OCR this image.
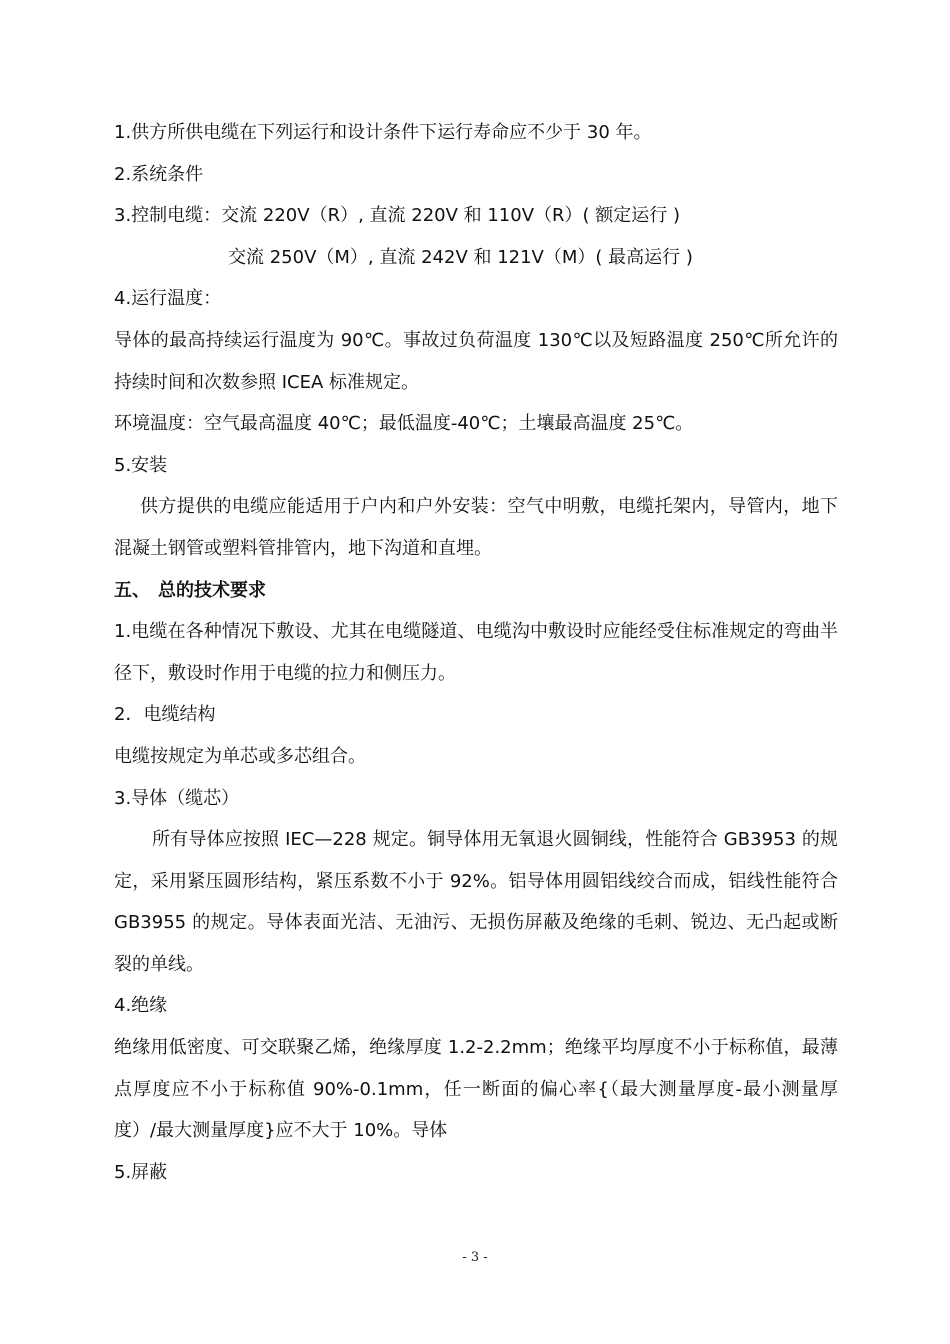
1.供方所供电缆在下列运行和设计条件下运行寿命应不少于 30 年。

2.系统条件

3.控制电缆：交流 220V（R）, 直流 220V 和 110V（R）( 额定运行 )

交流 250V（M）, 直流 242V 和 121V（M）( 最高运行 )

4.运行温度：

导体的最高持续运行温度为 90℃。事故过负荷温度 130℃以及短路温度 250℃所允许的持续时间和次数参照 ICEA 标准规定。

环境温度：空气最高温度 40℃；最低温度-40℃；土壤最高温度 25℃。

5.安装

供方提供的电缆应能适用于户内和户外安装：空气中明敷，电缆托架内，导管内，地下混凝土钢管或塑料管排管内，地下沟道和直埋。

五、 总的技术要求

1.电缆在各种情况下敷设、尤其在电缆隧道、电缆沟中敷设时应能经受住标准规定的弯曲半径下，敷设时作用于电缆的拉力和侧压力。

2．电缆结构

电缆按规定为单芯或多芯组合。

3.导体（缆芯）

所有导体应按照 IEC—228 规定。铜导体用无氧退火圆铜线，性能符合 GB3953 的规定，采用紧压圆形结构，紧压系数不小于 92%。铝导体用圆铝线绞合而成，铝线性能符合 GB3955 的规定。导体表面光洁、无油污、无损伤屏蔽及绝缘的毛刺、锐边、无凸起或断裂的单线。

4.绝缘

绝缘用低密度、可交联聚乙烯，绝缘厚度 1.2-2.2mm；绝缘平均厚度不小于标称值，最薄点厚度应不小于标称值 90%-0.1mm，任一断面的偏心率{（最大测量厚度-最小测量厚度）/最大测量厚度}应不大于 10%。导体

5.屏蔽

- 3 -
